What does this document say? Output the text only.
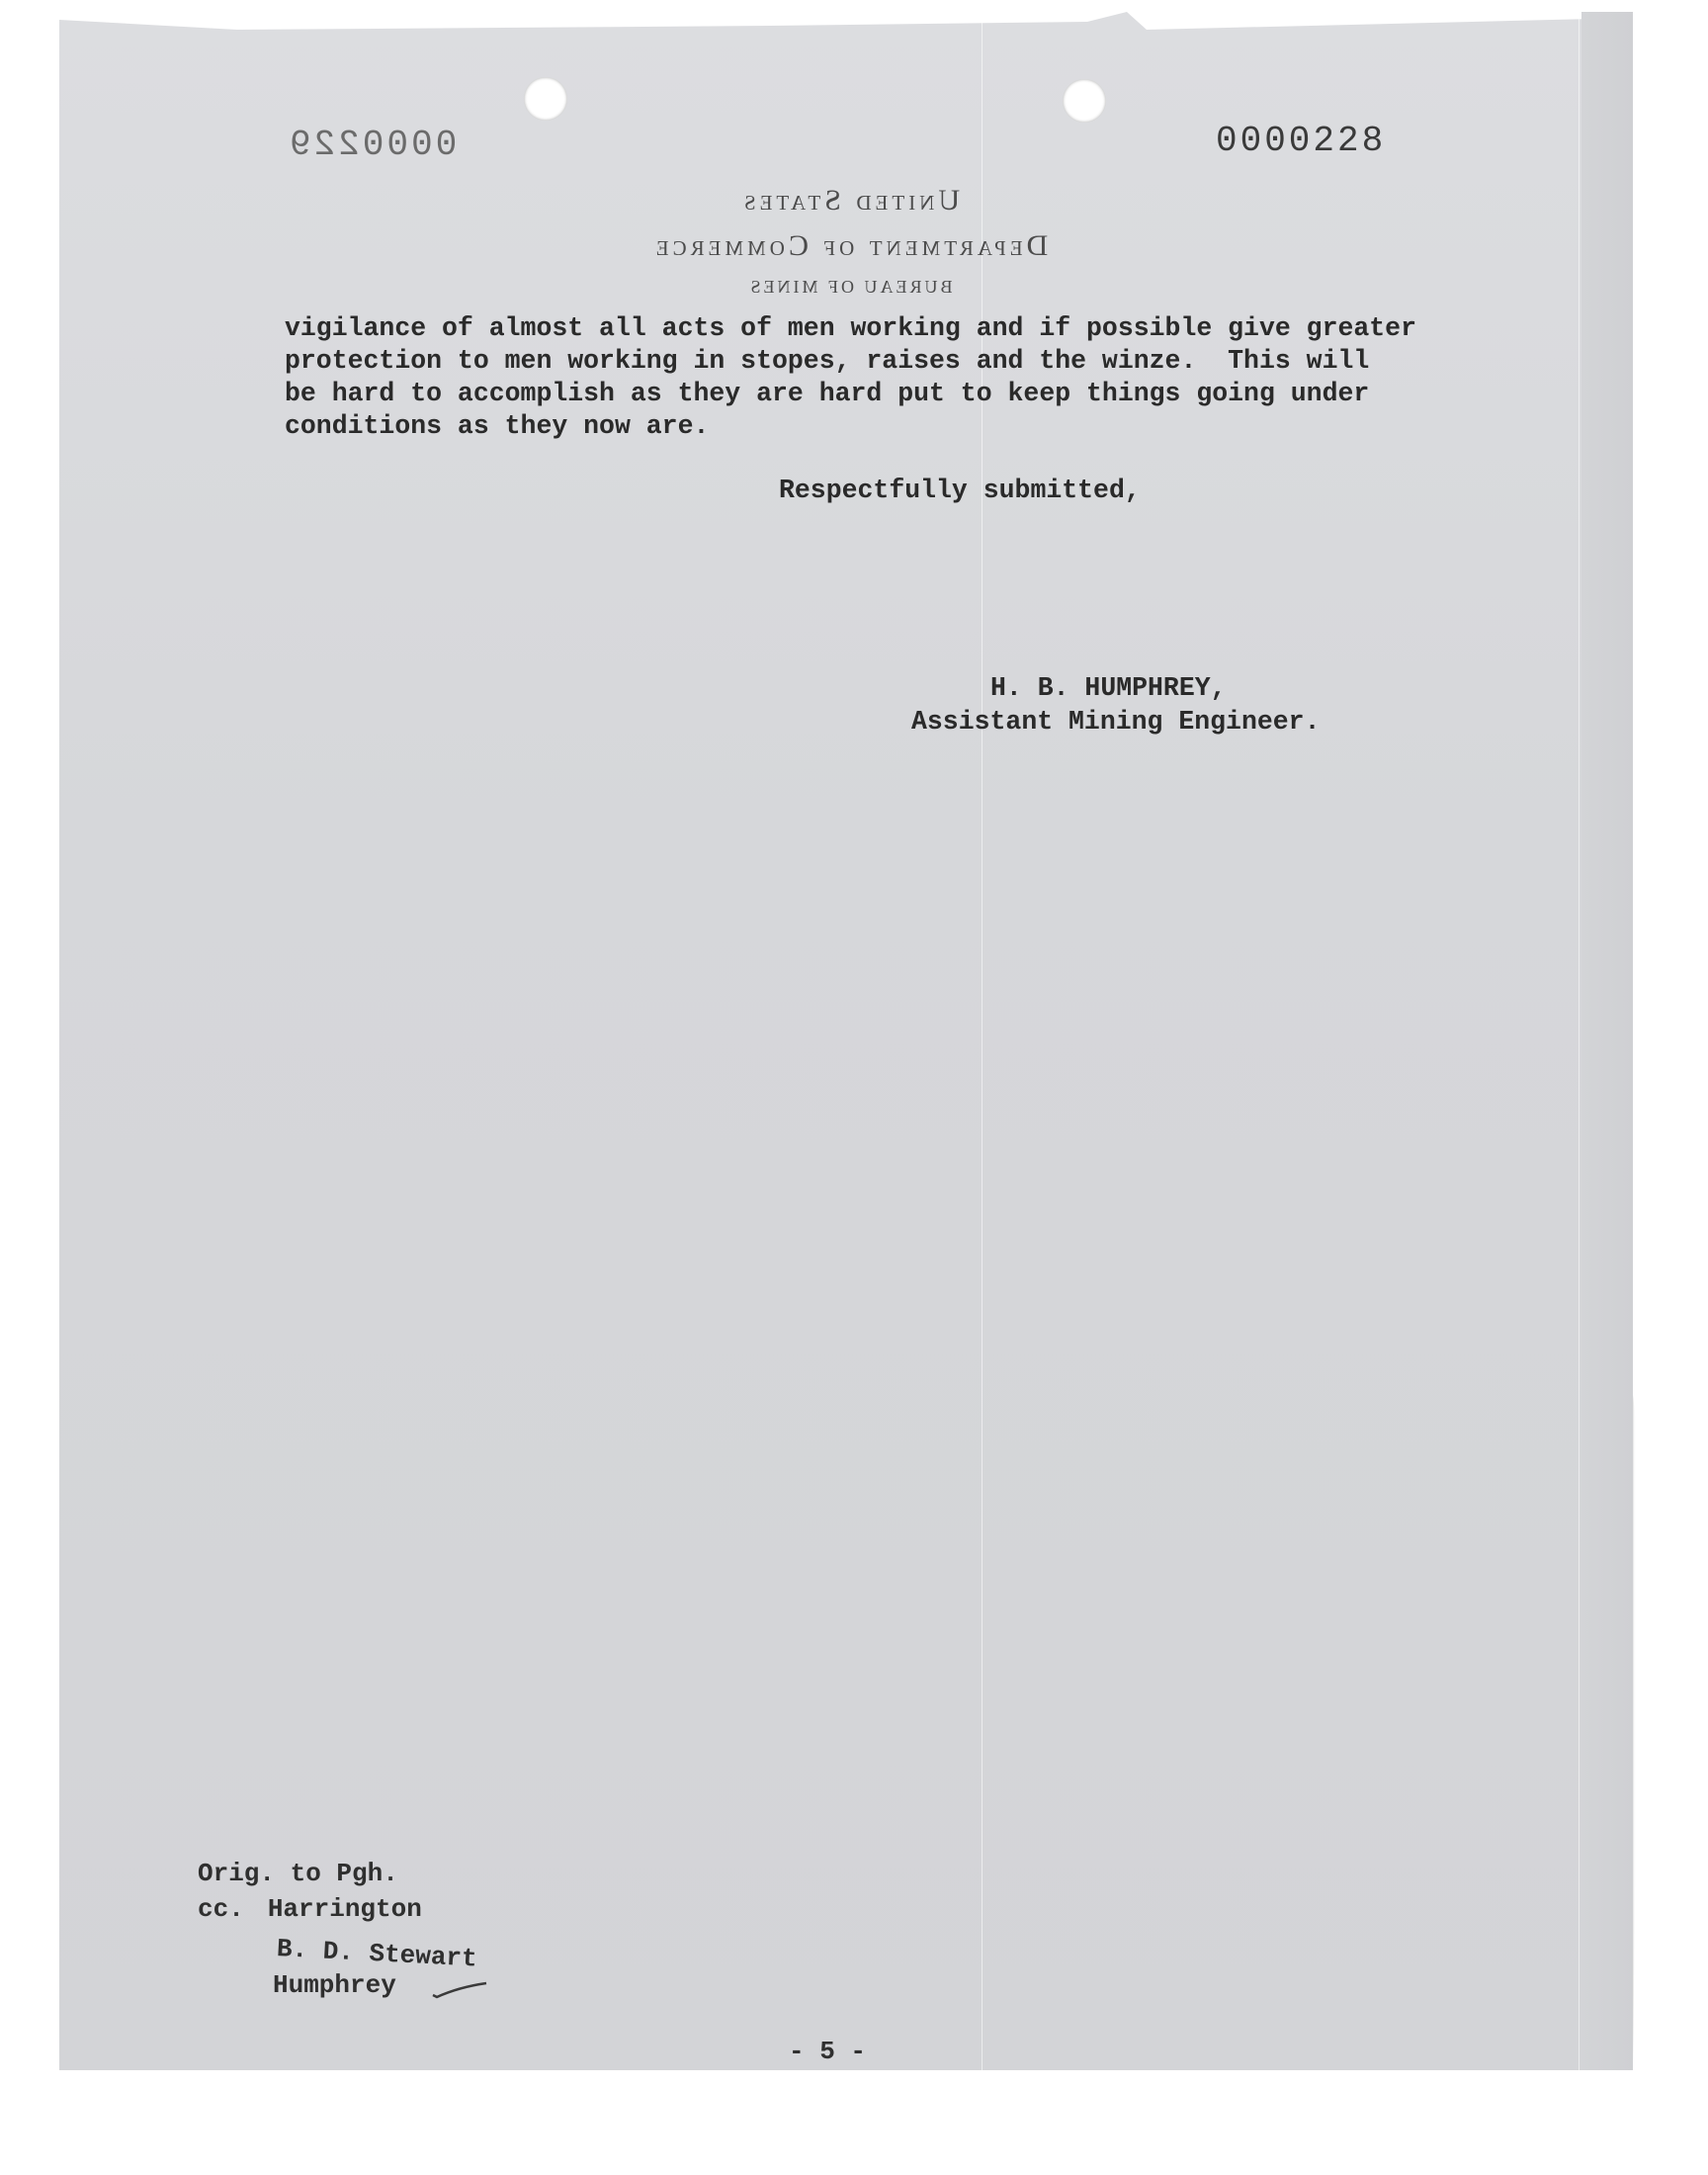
0000229	0000228
United States
Department of Commerce
BUREAU OF MINES
vigilance of almost all acts of men working and if possible give greater
protection to men working in stopes, raises and the winze.  This will
be hard to accomplish as they are hard put to keep things going under
conditions as they now are.
Respectfully submitted,
H. B. HUMPHREY,
Assistant Mining Engineer.
Orig. to Pgh.
cc. Harrington
B. D. Stewart
Humphrey
- 5 -
